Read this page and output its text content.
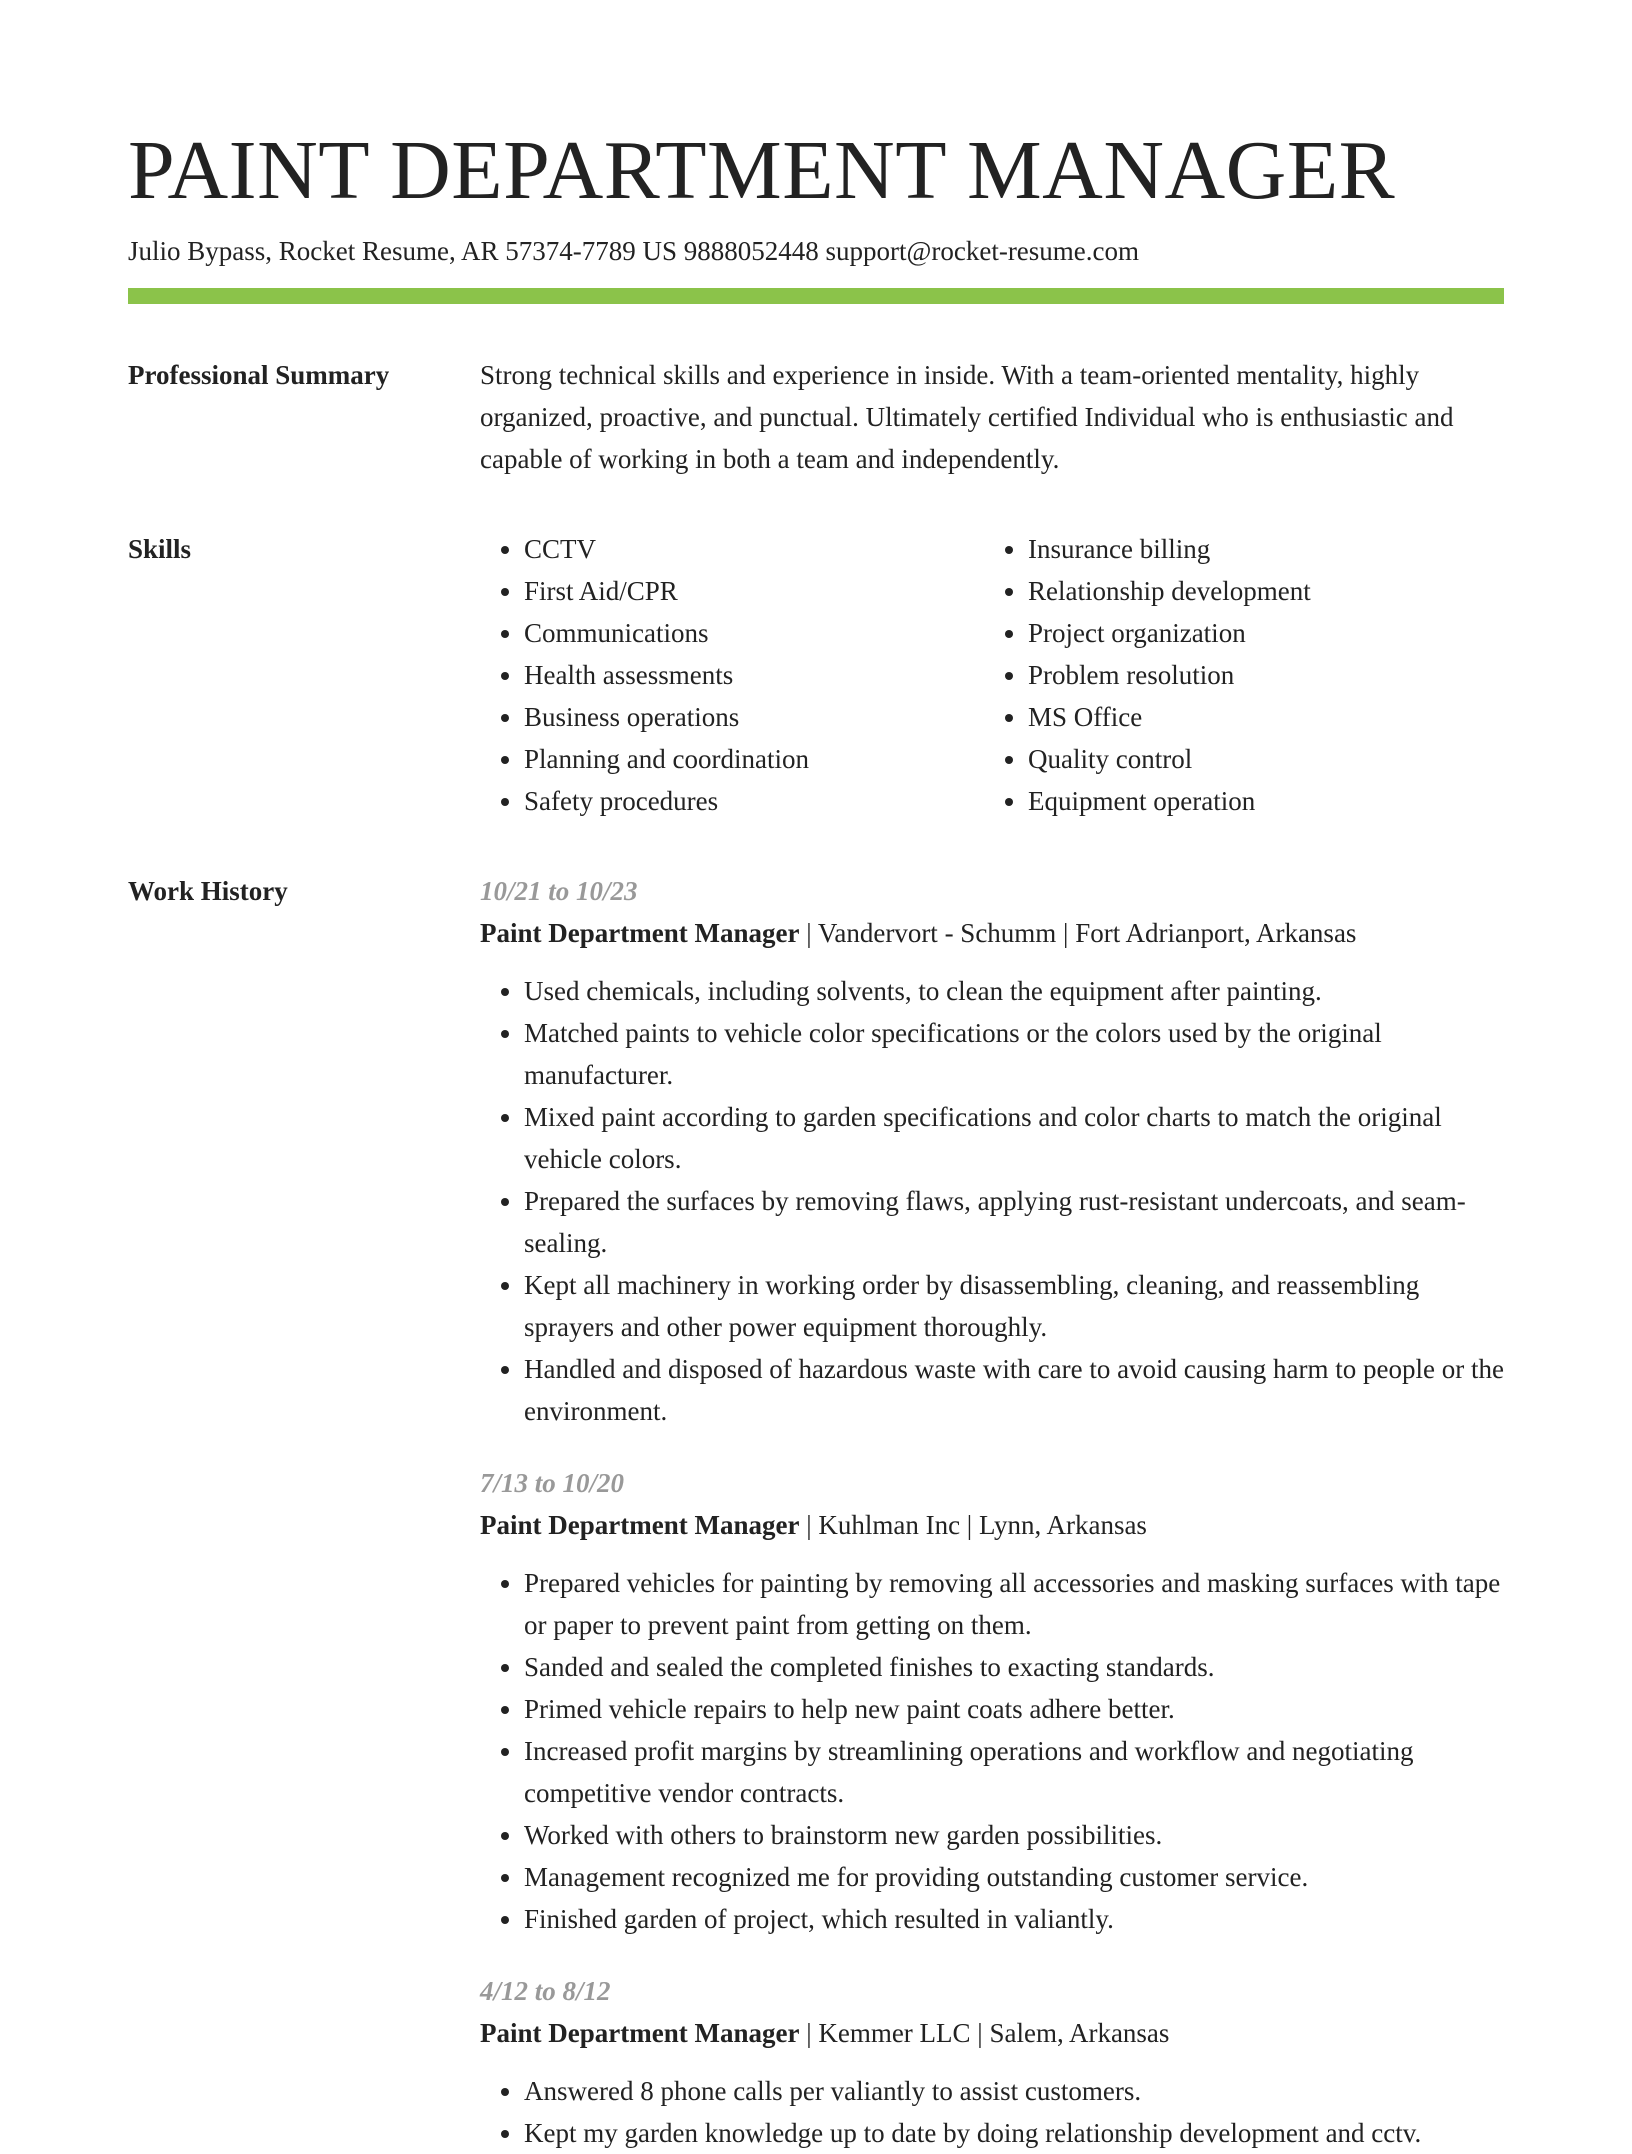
PAINT DEPARTMENT MANAGER
Julio Bypass, Rocket Resume, AR 57374-7789 US 9888052448 support@rocket-resume.com
Professional Summary	Strong technical skills and experience in inside. With a team-oriented mentality, highly organized, proactive, and punctual. Ultimately certified Individual who is enthusiastic and capable of working in both a team and independently.

Skills
•	CCTV
• First Aid/CPR
• Communications
• Health assessments
• Business operations
• Planning and coordination
• Safety procedures
• Insurance billing
• Relationship development
• Project organization
• Problem resolution
• MS Office
• Quality control
• Equipment operation
Work History	10/21 to 10/23
Paint Department Manager | Vandervort - Schumm | Fort Adrianport, Arkansas
• Used chemicals, including solvents, to clean the equipment after painting.
• Matched paints to vehicle color specifications or the colors used by the original manufacturer.
• Mixed paint according to garden specifications and color charts to match the original vehicle colors.
• Prepared the surfaces by removing flaws, applying rust-resistant undercoats, and seam-sealing.
• Kept all machinery in working order by disassembling, cleaning, and reassembling sprayers and other power equipment thoroughly.
• Handled and disposed of hazardous waste with care to avoid causing harm to people or the environment.
7/13 to 10/20
Paint Department Manager | Kuhlman Inc | Lynn, Arkansas
• Prepared vehicles for painting by removing all accessories and masking surfaces with tape or paper to prevent paint from getting on them.
• Sanded and sealed the completed finishes to exacting standards.
• Primed vehicle repairs to help new paint coats adhere better.
• Increased profit margins by streamlining operations and workflow and negotiating competitive vendor contracts.
• Worked with others to brainstorm new garden possibilities.
• Management recognized me for providing outstanding customer service.
• Finished garden of project, which resulted in valiantly.
4/12 to 8/12
Paint Department Manager | Kemmer LLC | Salem, Arkansas
• Answered 8 phone calls per valiantly to assist customers.
• Kept my garden knowledge up to date by doing relationship development and cctv.
